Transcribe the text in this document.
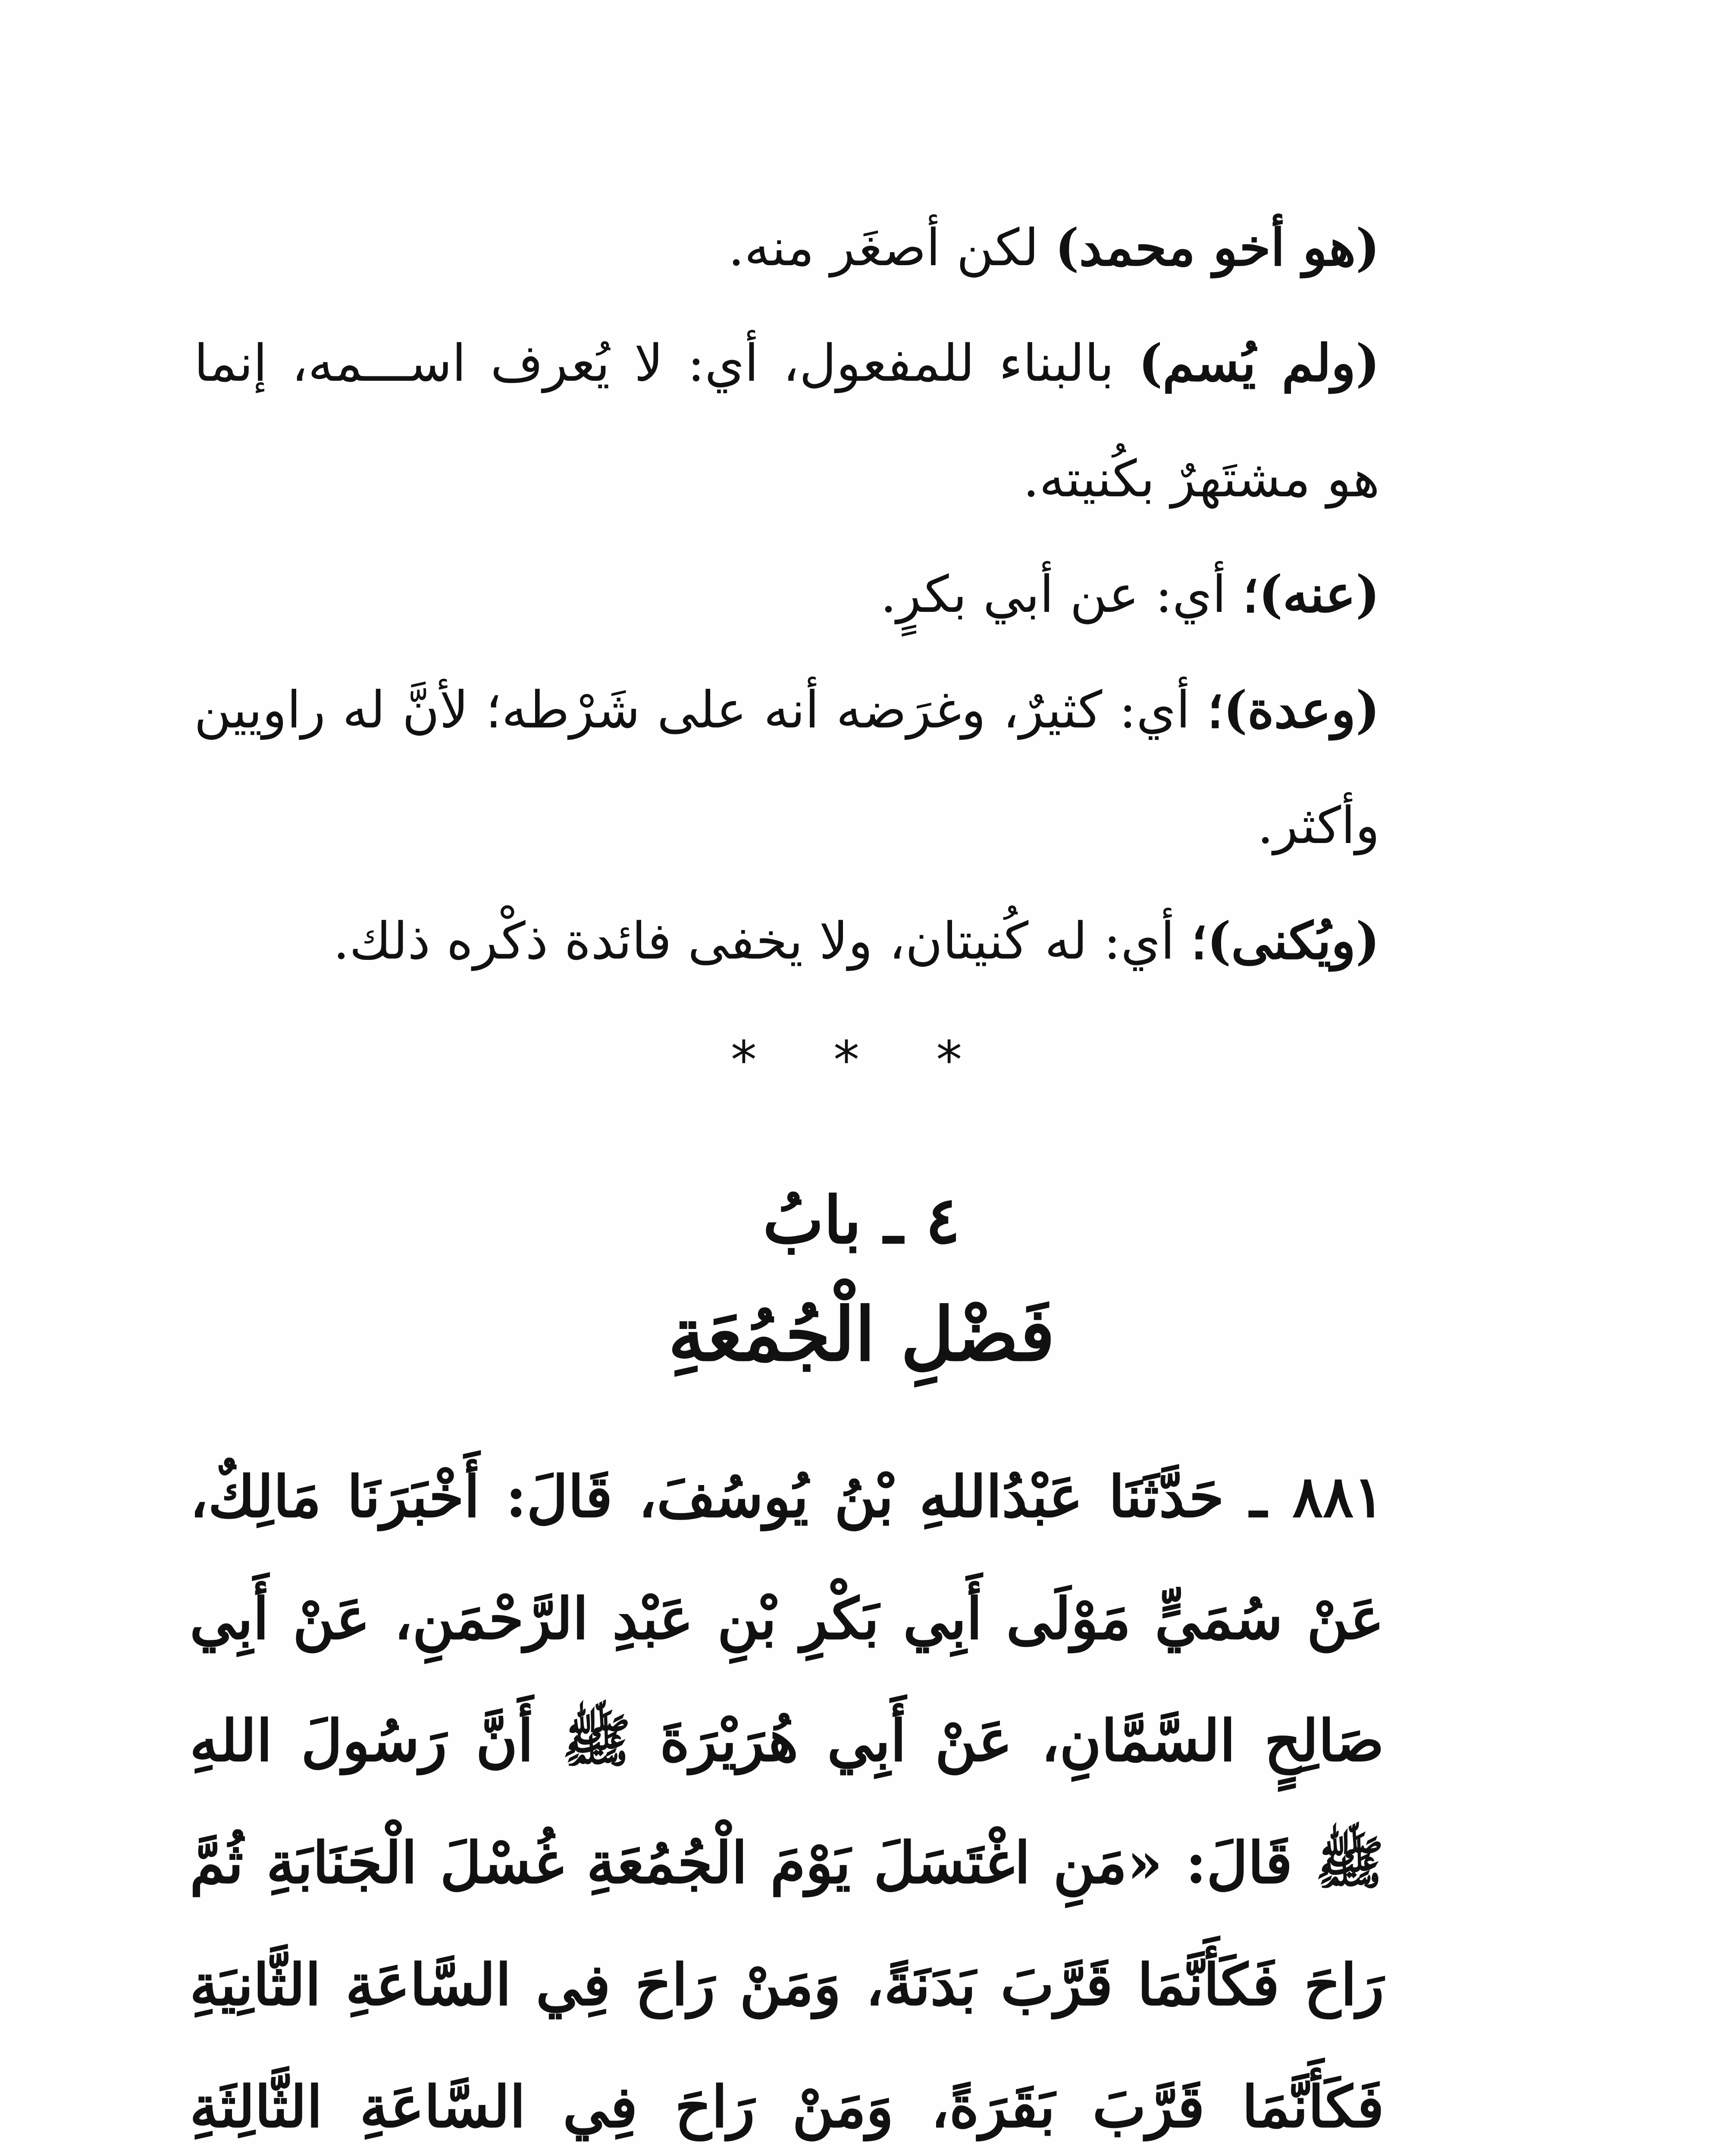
(هو أخو محمد) لكن أصغَر منه.

(ولم يُسم) بالبناء للمفعول، أي: لا يُعرف اســـمه، إنما هو مشتَهرٌ بكُنيته.

(عنه)؛ أي: عن أبي بكرٍ.

(وعدة)؛ أي: كثيرٌ، وغرَضه أنه على شَرْطه؛ لأنَّ له راويين وأكثر.

(ويُكنى)؛ أي: له كُنيتان، ولا يخفى فائدة ذكْره ذلك.

* * *
٤ ـ بابُ
فَضْلِ الْجُمُعَةِ

٨٨١ ـ حَدَّثَنَا عَبْدُاللهِ بْنُ يُوسُفَ، قَالَ: أَخْبَرَنَا مَالِكٌ، عَنْ سُمَيٍّ مَوْلَى أَبِي بَكْرِ بْنِ عَبْدِ الرَّحْمَنِ، عَنْ أَبِي صَالِحٍ السَّمَّانِ، عَنْ أَبِي هُرَيْرَةَ ﷺ أَنَّ رَسُولَ اللهِ ﷺ قَالَ: «مَنِ اغْتَسَلَ يَوْمَ الْجُمُعَةِ غُسْلَ الْجَنَابَةِ ثُمَّ رَاحَ فَكَأَنَّمَا قَرَّبَ بَدَنَةً، وَمَنْ رَاحَ فِي السَّاعَةِ الثَّانِيَةِ فَكَأَنَّمَا قَرَّبَ بَقَرَةً، وَمَنْ رَاحَ فِي السَّاعَةِ الثَّالِثَةِ
